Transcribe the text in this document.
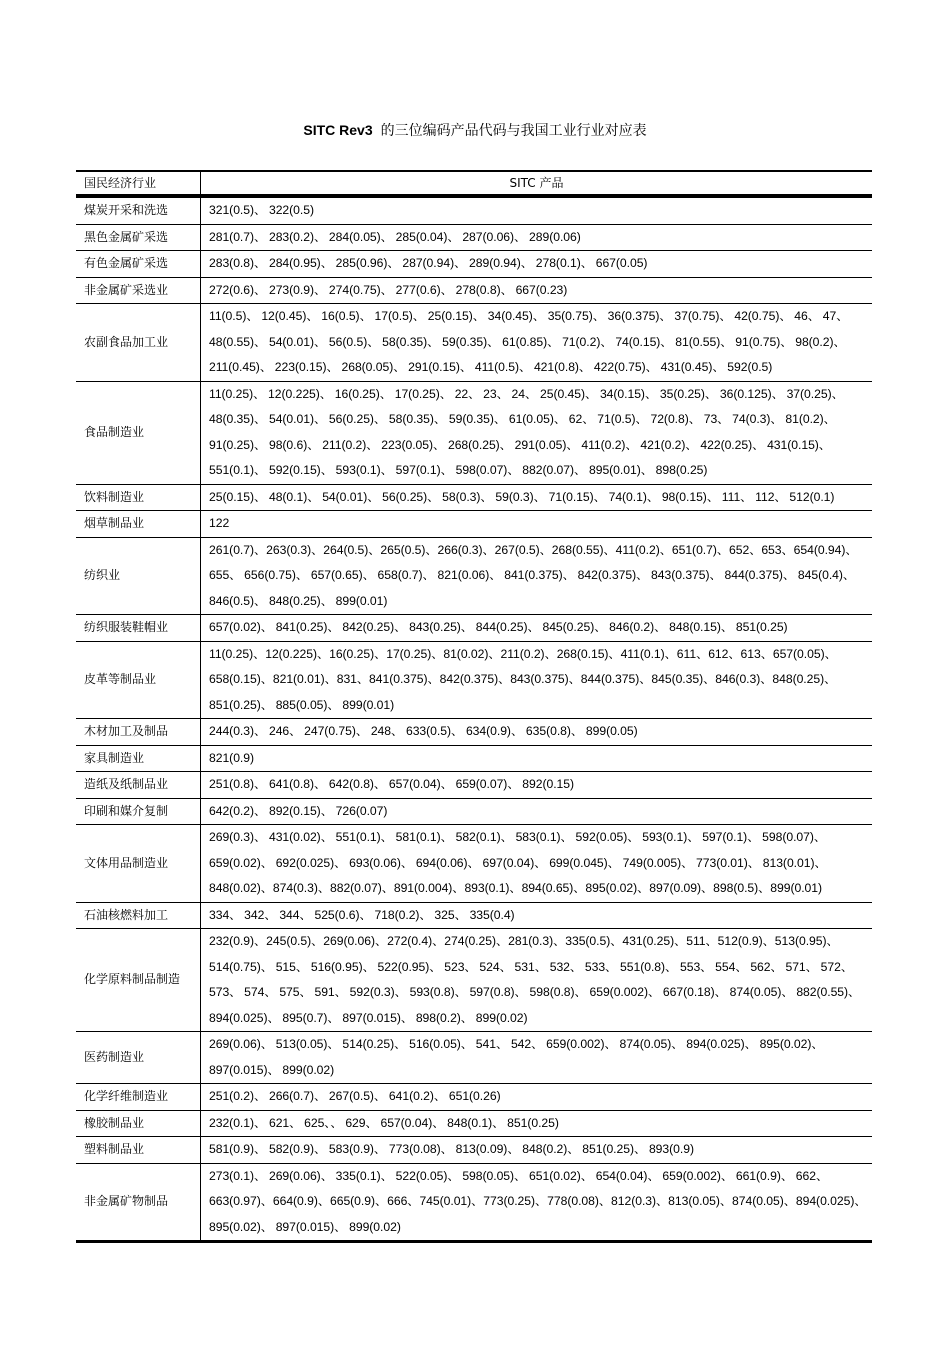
SITC Rev3 的三位编码产品代码与我国工业行业对应表
国民经济行业	SITC 产品
煤炭开采和洗选	321(0.5)、 322(0.5)
黑色金属矿采选	281(0.7)、 283(0.2)、 284(0.05)、 285(0.04)、 287(0.06)、 289(0.06)
有色金属矿采选	283(0.8)、 284(0.95)、 285(0.96)、 287(0.94)、 289(0.94)、 278(0.1)、 667(0.05)
非金属矿采选业	272(0.6)、 273(0.9)、 274(0.75)、 277(0.6)、 278(0.8)、 667(0.23)
农副食品加工业	11(0.5)、 12(0.45)、 16(0.5)、 17(0.5)、 25(0.15)、 34(0.45)、 35(0.75)、 36(0.375)、 37(0.75)、 42(0.75)、 46、 47、 48(0.55)、 54(0.01)、 56(0.5)、 58(0.35)、 59(0.35)、 61(0.85)、 71(0.2)、 74(0.15)、 81(0.55)、 91(0.75)、 98(0.2)、 211(0.45)、 223(0.15)、 268(0.05)、 291(0.15)、 411(0.5)、 421(0.8)、 422(0.75)、 431(0.45)、 592(0.5)
食品制造业	11(0.25)、 12(0.225)、 16(0.25)、 17(0.25)、 22、 23、 24、 25(0.45)、 34(0.15)、 35(0.25)、 36(0.125)、 37(0.25)、 48(0.35)、 54(0.01)、 56(0.25)、 58(0.35)、 59(0.35)、 61(0.05)、 62、 71(0.5)、 72(0.8)、 73、 74(0.3)、 81(0.2)、 91(0.25)、 98(0.6)、 211(0.2)、 223(0.05)、 268(0.25)、 291(0.05)、 411(0.2)、 421(0.2)、 422(0.25)、 431(0.15)、 551(0.1)、 592(0.15)、 593(0.1)、 597(0.1)、 598(0.07)、 882(0.07)、 895(0.01)、 898(0.25)
饮料制造业	25(0.15)、 48(0.1)、 54(0.01)、 56(0.25)、 58(0.3)、 59(0.3)、 71(0.15)、 74(0.1)、 98(0.15)、 111、 112、 512(0.1)
烟草制品业	122
纺织业	261(0.7)、263(0.3)、264(0.5)、265(0.5)、266(0.3)、267(0.5)、268(0.55)、411(0.2)、651(0.7)、652、653、654(0.94)、 655、 656(0.75)、 657(0.65)、 658(0.7)、 821(0.06)、 841(0.375)、 842(0.375)、 843(0.375)、 844(0.375)、 845(0.4)、 846(0.5)、 848(0.25)、 899(0.01)
纺织服装鞋帽业	657(0.02)、 841(0.25)、 842(0.25)、 843(0.25)、 844(0.25)、 845(0.25)、 846(0.2)、 848(0.15)、 851(0.25)
皮革等制品业	11(0.25)、12(0.225)、16(0.25)、17(0.25)、81(0.02)、211(0.2)、268(0.15)、411(0.1)、611、612、613、657(0.05)、 658(0.15)、821(0.01)、831、841(0.375)、842(0.375)、843(0.375)、844(0.375)、845(0.35)、846(0.3)、848(0.25)、 851(0.25)、 885(0.05)、 899(0.01)
木材加工及制品	244(0.3)、 246、 247(0.75)、 248、 633(0.5)、 634(0.9)、 635(0.8)、 899(0.05)
家具制造业	821(0.9)
造纸及纸制品业	251(0.8)、 641(0.8)、 642(0.8)、 657(0.04)、 659(0.07)、 892(0.15)
印刷和媒介复制	642(0.2)、 892(0.15)、 726(0.07)
文体用品制造业	269(0.3)、 431(0.02)、 551(0.1)、 581(0.1)、 582(0.1)、 583(0.1)、 592(0.05)、 593(0.1)、 597(0.1)、 598(0.07)、 659(0.02)、 692(0.025)、 693(0.06)、 694(0.06)、 697(0.04)、 699(0.045)、 749(0.005)、 773(0.01)、 813(0.01)、 848(0.02)、874(0.3)、882(0.07)、891(0.004)、893(0.1)、894(0.65)、895(0.02)、897(0.09)、898(0.5)、899(0.01)
石油核燃料加工	334、 342、 344、 525(0.6)、 718(0.2)、 325、 335(0.4)
化学原料制品制造	232(0.9)、245(0.5)、269(0.06)、272(0.4)、274(0.25)、281(0.3)、335(0.5)、431(0.25)、511、512(0.9)、513(0.95)、 514(0.75)、 515、 516(0.95)、 522(0.95)、 523、 524、 531、 532、 533、 551(0.8)、 553、 554、 562、 571、 572、 573、 574、 575、 591、 592(0.3)、 593(0.8)、 597(0.8)、 598(0.8)、 659(0.002)、 667(0.18)、 874(0.05)、 882(0.55)、 894(0.025)、 895(0.7)、 897(0.015)、 898(0.2)、 899(0.02)
医药制造业	269(0.06)、 513(0.05)、 514(0.25)、 516(0.05)、 541、 542、 659(0.002)、 874(0.05)、 894(0.025)、 895(0.02)、 897(0.015)、 899(0.02)
化学纤维制造业	251(0.2)、 266(0.7)、 267(0.5)、 641(0.2)、 651(0.26)
橡胶制品业	232(0.1)、 621、 625、、 629、 657(0.04)、 848(0.1)、 851(0.25)
塑料制品业	581(0.9)、 582(0.9)、 583(0.9)、 773(0.08)、 813(0.09)、 848(0.2)、 851(0.25)、 893(0.9)
非金属矿物制品	273(0.1)、 269(0.06)、 335(0.1)、 522(0.05)、 598(0.05)、 651(0.02)、 654(0.04)、 659(0.002)、 661(0.9)、 662、 663(0.97)、664(0.9)、665(0.9)、666、745(0.01)、773(0.25)、778(0.08)、812(0.3)、813(0.05)、874(0.05)、894(0.025)、 895(0.02)、 897(0.015)、 899(0.02)
